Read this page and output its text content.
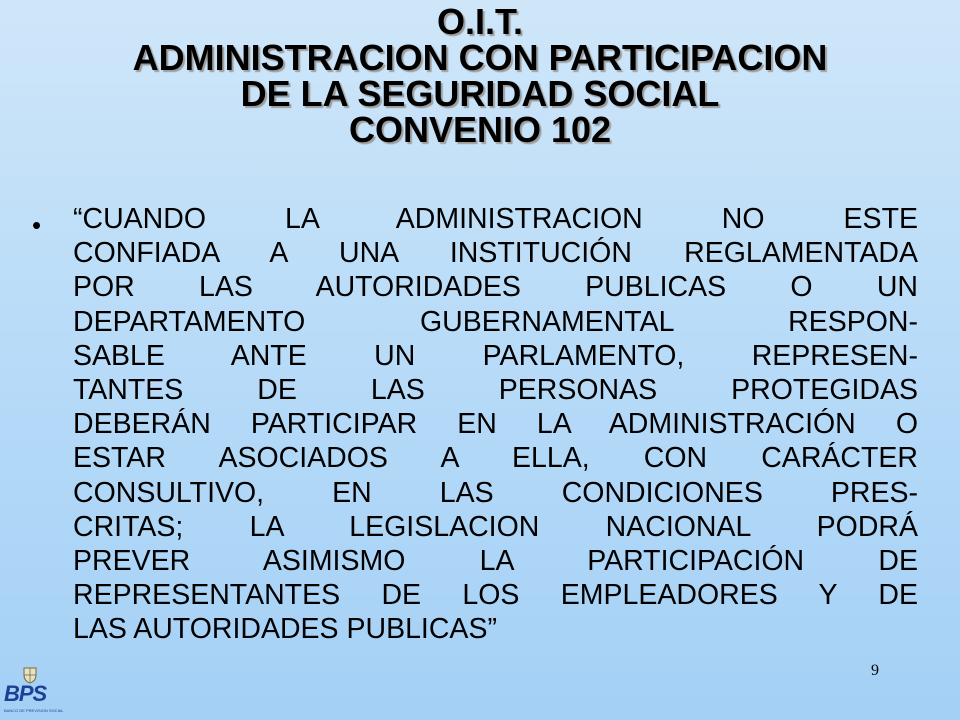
O.I.T.
ADMINISTRACION CON PARTICIPACION
DE LA SEGURIDAD SOCIAL
CONVENIO 102
• “CUANDO LA ADMINISTRACION NO ESTE
CONFIADA A UNA INSTITUCIÓN REGLAMENTADA
POR LAS AUTORIDADES PUBLICAS O UN
DEPARTAMENTO GUBERNAMENTAL RESPON-
SABLE ANTE UN PARLAMENTO, REPRESEN-
TANTES DE LAS PERSONAS PROTEGIDAS
DEBERÁN PARTICIPAR EN LA ADMINISTRACIÓN O
ESTAR ASOCIADOS A ELLA, CON CARÁCTER
CONSULTIVO, EN LAS CONDICIONES PRES-
CRITAS; LA LEGISLACION NACIONAL PODRÁ
PREVER ASIMISMO LA PARTICIPACIÓN DE
REPRESENTANTES DE LOS EMPLEADORES Y DE
LAS AUTORIDADES PUBLICAS”
9
BPS
BANCO DE PREVISION SOCIAL
